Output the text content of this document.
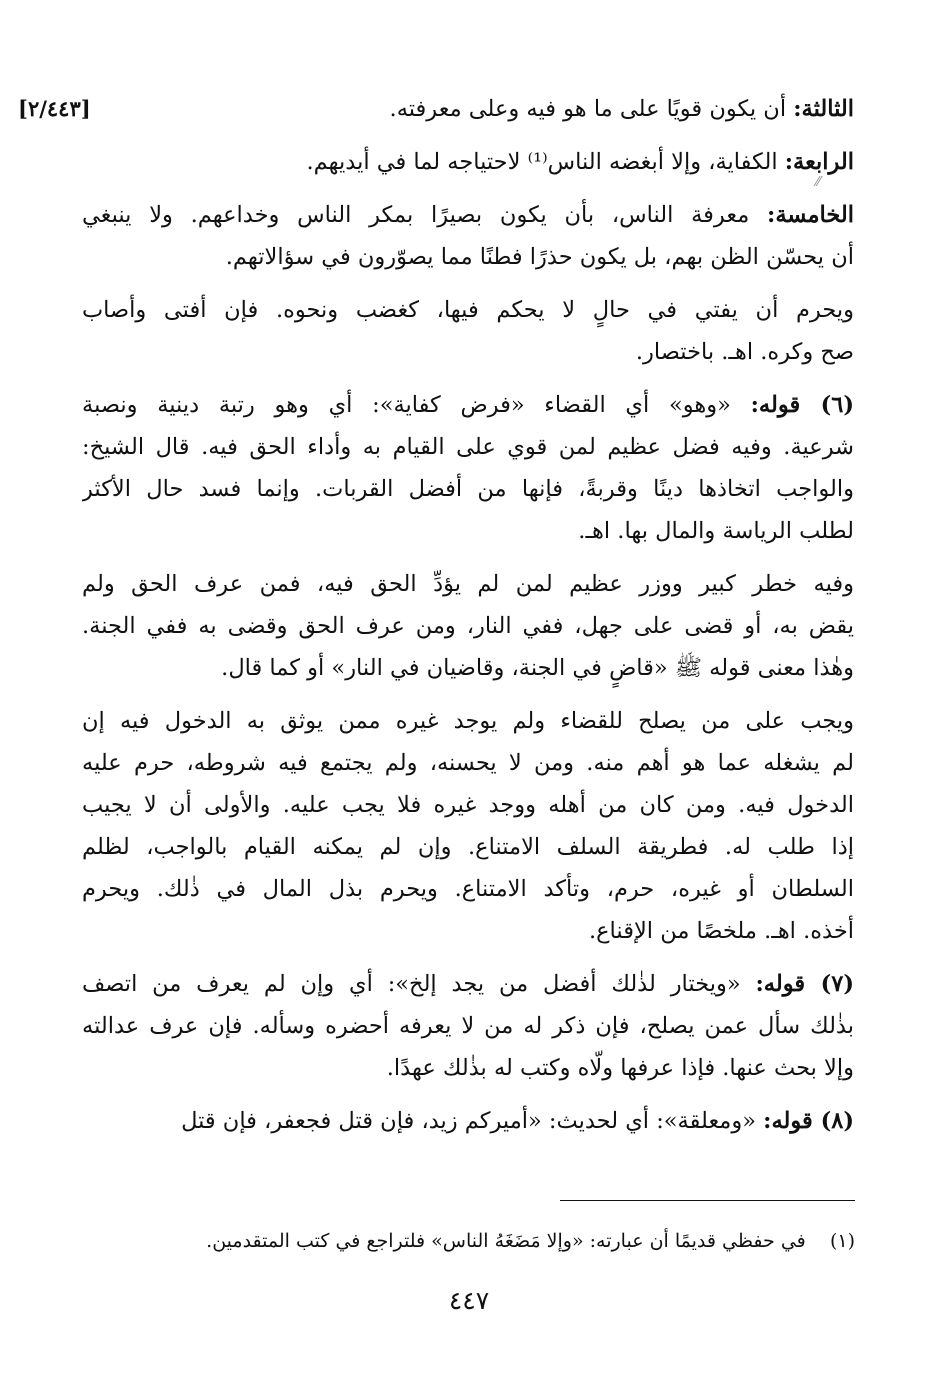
[٢/٤٤٣]
⁄⁄
الثالثة: أن يكون قويًا على ما هو فيه وعلى معرفته.
الرابعة: الكفاية، وإلا أبغضه الناس⁽¹⁾ لاحتياجه لما في أيديهم.
الخامسة: معرفة الناس، بأن يكون بصيرًا بمكر الناس وخداعهم. ولا ينبغي
أن يحسّن الظن بهم، بل يكون حذرًا فطنًا مما يصوّرون في سؤالاتهم.
ويحرم أن يفتي في حالٍ لا يحكم فيها، كغضب ونحوه. فإن أفتى وأصاب
صح وكره. اهـ. باختصار.
(٦) قوله: «وهو» أي القضاء «فرض كفاية»: أي وهو رتبة دينية ونصبة
شرعية. وفيه فضل عظيم لمن قوي على القيام به وأداء الحق فيه. قال الشيخ:
والواجب اتخاذها دينًا وقربةً، فإنها من أفضل القربات. وإنما فسد حال الأكثر
لطلب الرياسة والمال بها. اهـ.
وفيه خطر كبير ووزر عظيم لمن لم يؤدِّ الحق فيه، فمن عرف الحق ولم
يقض به، أو قضى على جهل، ففي النار، ومن عرف الحق وقضى به ففي الجنة.
وهٰذا معنى قوله ﷺ «قاضٍ في الجنة، وقاضيان في النار» أو كما قال.
ويجب على من يصلح للقضاء ولم يوجد غيره ممن يوثق به الدخول فيه إن
لم يشغله عما هو أهم منه. ومن لا يحسنه، ولم يجتمع فيه شروطه، حرم عليه
الدخول فيه. ومن كان من أهله ووجد غيره فلا يجب عليه. والأولى أن لا يجيب
إذا طلب له. فطريقة السلف الامتناع. وإن لم يمكنه القيام بالواجب، لظلم
السلطان أو غيره، حرم، وتأكد الامتناع. ويحرم بذل المال في ذٰلك. ويحرم
أخذه. اهـ. ملخصًا من الإقناع.
(٧) قوله: «ويختار لذٰلك أفضل من يجد إلخ»: أي وإن لم يعرف من اتصف
بذٰلك سأل عمن يصلح، فإن ذكر له من لا يعرفه أحضره وسأله. فإن عرف عدالته
وإلا بحث عنها. فإذا عرفها ولّاه وكتب له بذٰلك عهدًا.
(٨) قوله: «ومعلقة»: أي لحديث: «أميركم زيد، فإن قتل فجعفر، فإن قتل
(١)    في حفظي قديمًا أن عبارته: «وإلا مَضَغَهُ الناس» فلتراجع في كتب المتقدمين.
٤٤٧
